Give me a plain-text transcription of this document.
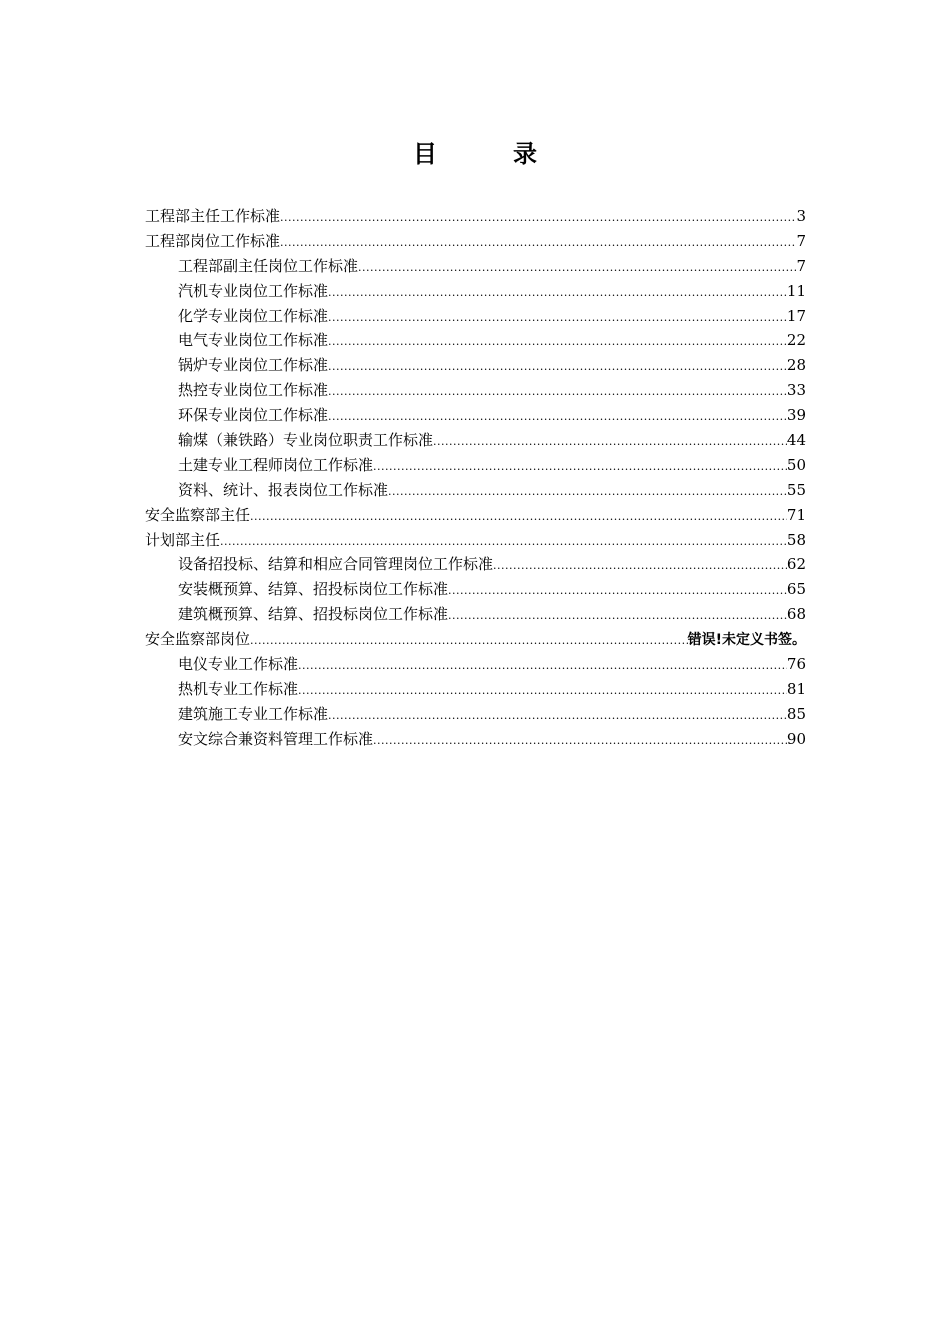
目　录
工程部主任工作标准 .....	3
工程部岗位工作标准 .....	7
工程部副主任岗位工作标准 .....	7
汽机专业岗位工作标准 .....	11
化学专业岗位工作标准 .....	17
电气专业岗位工作标准 .....	22
锅炉专业岗位工作标准 .....	28
热控专业岗位工作标准 .....	33
环保专业岗位工作标准 .....	39
输煤（兼铁路）专业岗位职责工作标准 .....	44
土建专业工程师岗位工作标准 .....	50
资料、统计、报表岗位工作标准 .....	55
安全监察部主任 .....	71
计划部主任 .....	58
设备招投标、结算和相应合同管理岗位工作标准 .....	62
安装概预算、结算、招投标岗位工作标准 .....	65
建筑概预算、结算、招投标岗位工作标准 .....	68
安全监察部岗位 .....	错误!未定义书签。
电仪专业工作标准 .....	76
热机专业工作标准 .....	81
建筑施工专业工作标准 .....	85
安文综合兼资料管理工作标准 .....	90
